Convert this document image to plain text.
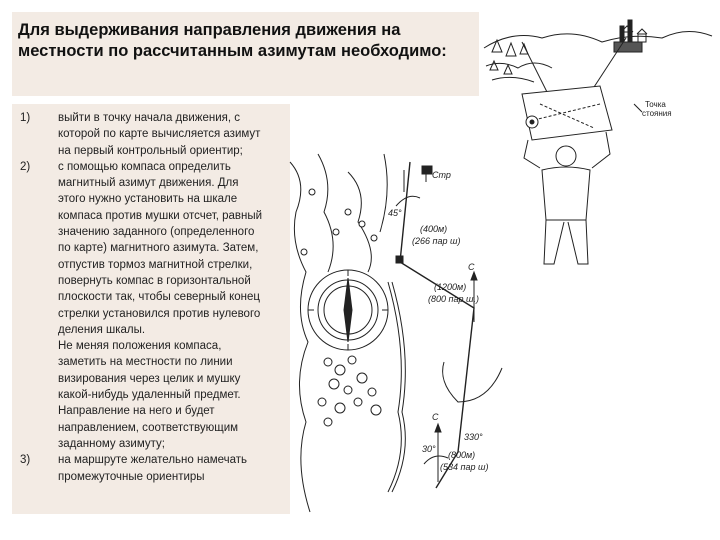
Для выдерживания направления движения на местности по рассчитанным азимутам необходимо:
1)	выйти в точку начала движения, с
которой по карте вычисляется азимут
на первый контрольный ориентир;
2)	с помощью компаса определить
магнитный азимут движения. Для
этого нужно установить на шкале
компаса против мушки отсчет, равный
значению заданного (определенного
по карте) магнитного азимута. Затем,
отпустив тормоз магнитной стрелки,
повернуть компас в горизонтальной
плоскости так, чтобы северный конец
стрелки установился против нулевого
деления шкалы.
Не меняя положения компаса,
заметить на местности по линии
визирования через целик и мушку
какой-нибудь удаленный предмет.
Направление на него и будет
направлением, соответствующим
заданному азимуту;
3)	на маршруте желательно намечать
промежуточные ориентиры
Точка
стояния
Стр
45°
(400м)
(266 пар ш)
(1200м)
(800 пар ш.)
С
330°
С
30°
(800м)
(534 пар ш)
